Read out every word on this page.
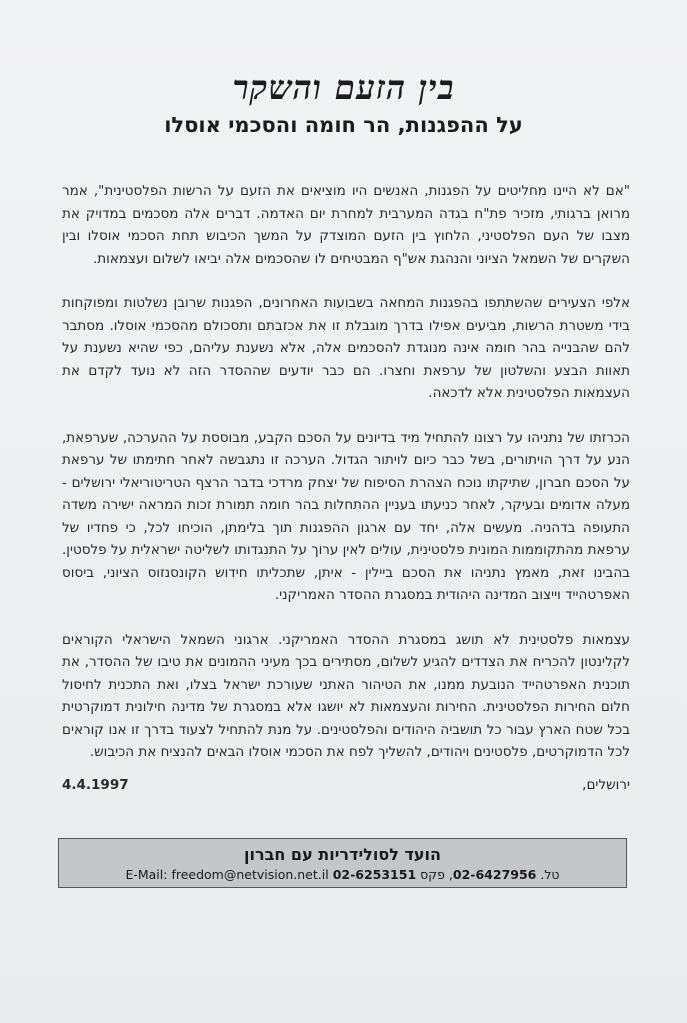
בין הזעם והשקר
על ההפגנות, הר חומה והסכמי אוסלו

"אם לא היינו מחליטים על הפגנות, האנשים היו מוציאים את הזעם על הרשות הפלסטינית", אמר מרואן ברגותי, מזכיר פת"ח בגדה המערבית למחרת יום האדמה. דברים אלה מסכמים במדויק את מצבו של העם הפלסטיני, הלחוץ בין הזעם המוצדק על המשך הכיבוש תחת הסכמי אוסלו ובין השקרים של השמאל הציוני והנהגת אש"ף המבטיחים לו שהסכמים אלה יביאו לשלום ועצמאות.

אלפי הצעירים שהשתתפו בהפגנות המחאה בשבועות האחרונים, הפגנות שרובן נשלטות ומפוקחות בידי משטרת הרשות, מביעים אפילו בדרך מוגבלת זו את אכזבתם ותסכולם מהסכמי אוסלו. מסתבר להם שהבנייה בהר חומה אינה מנוגדת להסכמים אלה, אלא נשענת עליהם, כפי שהיא נשענת על תאוות הבצע והשלטון של ערפאת וחצרו. הם כבר יודעים שההסדר הזה לא נועד לקדם את העצמאות הפלסטינית אלא לדכאה.

הכרזתו של נתניהו על רצונו להתחיל מיד בדיונים על הסכם הקבע, מבוססת על ההערכה, שערפאת, הנע על דרך הויתורים, בשל כבר כיום לויתור הגדול. הערכה זו נתגבשה לאחר חתימתו של ערפאת על הסכם חברון, שתיקתו נוכח הצהרת הסיפוח של יצחק מרדכי בדבר הרצף הטריטוריאלי ירושלים - מעלה אדומים ובעיקר, לאחר כניעתו בעניין ההתחלות בהר חומה תמורת זכות המראה ישירה משדה התעופה בדהניה. מעשים אלה, יחד עם ארגון ההפגנות תוך בלימתן, הוכיחו לכל, כי פחדיו של ערפאת מהתקוממות המונית פלסטינית, עולים לאין ערוך על התנגדותו לשליטה ישראלית על פלסטין. בהבינו זאת, מאמץ נתניהו את הסכם ביילין - איתן, שתכליתו חידוש הקונסנזוס הציוני, ביסוס האפרטהייד וייצוב המדינה היהודית במסגרת ההסדר האמריקני.

עצמאות פלסטינית לא תושג במסגרת ההסדר האמריקני. ארגוני השמאל הישראלי הקוראים לקלינטון להכריח את הצדדים להגיע לשלום, מסתירים בכך מעיני ההמונים את טיבו של ההסדר, את תוכנית האפרטהייד הנובעת ממנו, את הטיהור האתני שעורכת ישראל בצלו, ואת התכנית לחיסול חלום החירות הפלסטינית. החירות והעצמאות לא יושגו אלא במסגרת של מדינה חילונית דמוקרטית בכל שטח הארץ עבור כל תושביה היהודים והפלסטינים. על מנת להתחיל לצעוד בדרך זו אנו קוראים לכל הדמוקרטים, פלסטינים ויהודים, להשליך לפח את הסכמי אוסלו הבאים להנציח את הכיבוש.

ירושלים,
4.4.1997
הועד לסולידריות עם חברון
טל. 02-6427956, פקס 02-6253151 E-Mail: freedom@netvision.net.il
